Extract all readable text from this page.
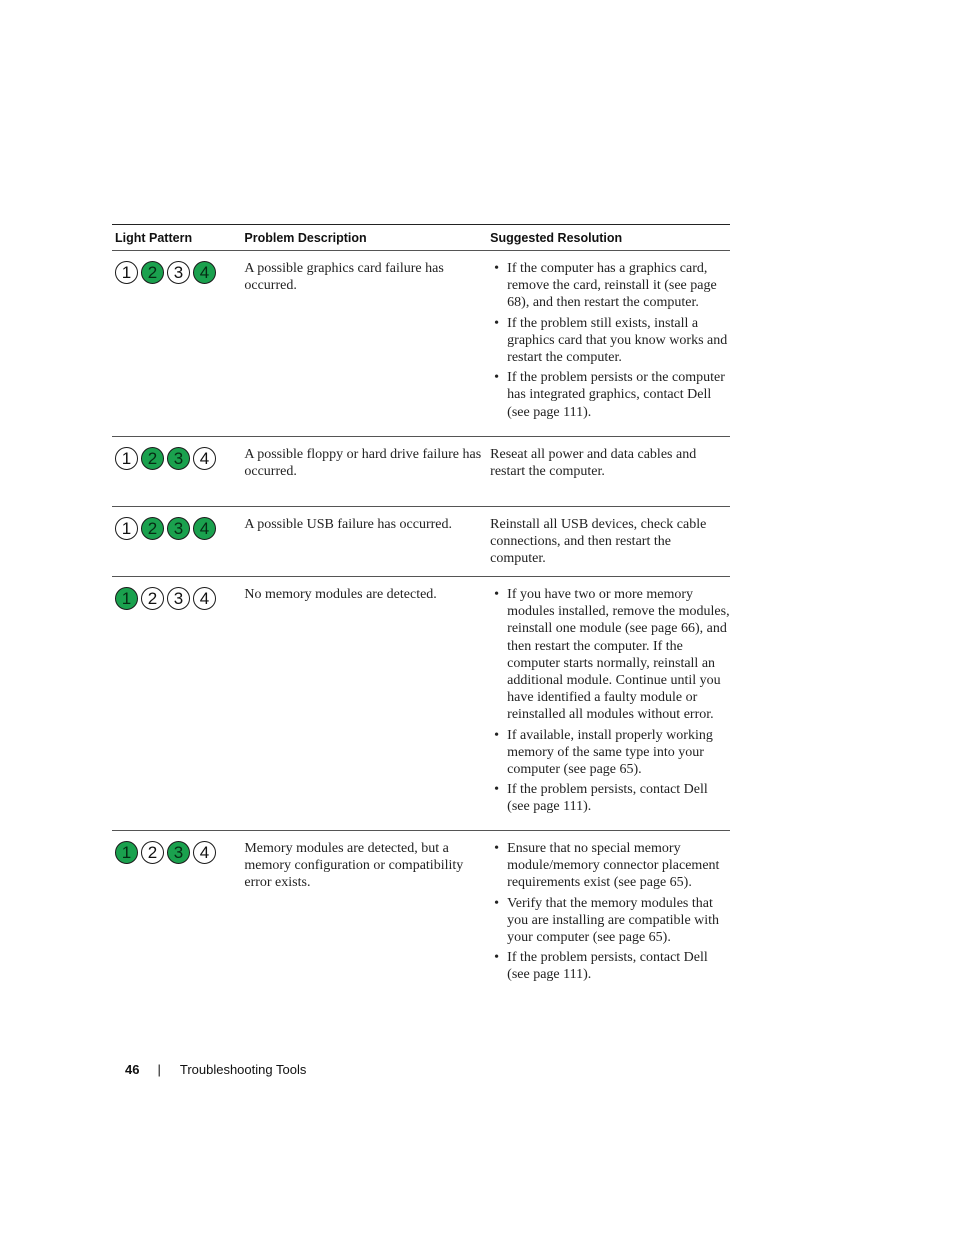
Light Pattern	Problem Description	Suggested Resolution
1 2 3 4	A possible graphics card failure has occurred.
• If the computer has a graphics card, remove the card, reinstall it (see page 68), and then restart the computer.
• If the problem still exists, install a graphics card that you know works and restart the computer.
• If the problem persists or the computer has integrated graphics, contact Dell (see page 111).
1 2 3 4	A possible floppy or hard drive failure has occurred.
Reseat all power and data cables and restart the computer.
1 2 3 4	A possible USB failure has occurred.	Reinstall all USB devices, check cable connections, and then restart the computer.
1 2 3 4	No memory modules are detected.
•	If you have two or more memory modules installed, remove the modules, reinstall one module (see page 66), and then restart the computer. If the computer starts normally, reinstall an additional module. Continue until you have identified a faulty module or reinstalled all modules without error.
• If available, install properly working memory of the same type into your computer (see page 65).
• If the problem persists, contact Dell (see page 111).
1 2 3 4	Memory modules are detected, but a memory configuration or compatibility error exists.
• Ensure that no special memory module/memory connector placement requirements exist (see page 65).
• Verify that the memory modules that you are installing are compatible with your computer (see page 65).
• If the problem persists, contact Dell (see page 111).
46 | Troubleshooting Tools
